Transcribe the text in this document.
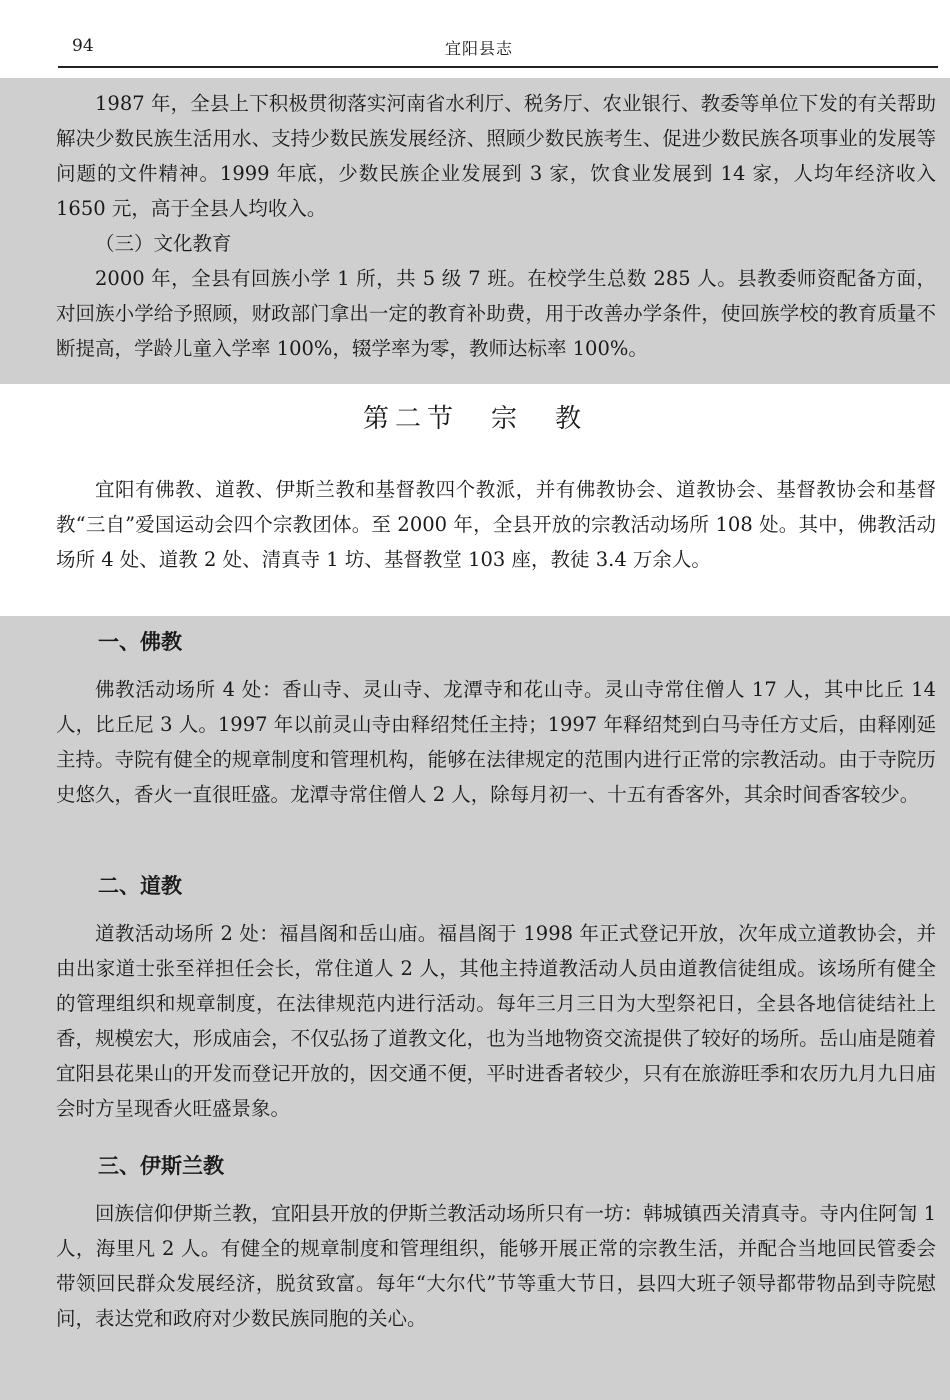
94	宜阳县志

1987 年，全县上下积极贯彻落实河南省水利厅、税务厅、农业银行、教委等单位下发的有关帮助解决少数民族生活用水、支持少数民族发展经济、照顾少数民族考生、促进少数民族各项事业的发展等问题的文件精神。1999 年底，少数民族企业发展到 3 家，饮食业发展到 14 家，人均年经济收入 1650 元，高于全县人均收入。

（三）文化教育

2000 年，全县有回族小学 1 所，共 5 级 7 班。在校学生总数 285 人。县教委师资配备方面，对回族小学给予照顾，财政部门拿出一定的教育补助费，用于改善办学条件，使回族学校的教育质量不断提高，学龄儿童入学率 100%，辍学率为零，教师达标率 100%。

第二节　宗　教

宜阳有佛教、道教、伊斯兰教和基督教四个教派，并有佛教协会、道教协会、基督教协会和基督教“三自”爱国运动会四个宗教团体。至 2000 年，全县开放的宗教活动场所 108 处。其中，佛教活动场所 4 处、道教 2 处、清真寺 1 坊、基督教堂 103 座，教徒 3.4 万余人。

一、佛教

佛教活动场所 4 处：香山寺、灵山寺、龙潭寺和花山寺。灵山寺常住僧人 17 人，其中比丘 14 人，比丘尼 3 人。1997 年以前灵山寺由释绍梵任主持；1997 年释绍梵到白马寺任方丈后，由释刚延主持。寺院有健全的规章制度和管理机构，能够在法律规定的范围内进行正常的宗教活动。由于寺院历史悠久，香火一直很旺盛。龙潭寺常住僧人 2 人，除每月初一、十五有香客外，其余时间香客较少。

二、道教

道教活动场所 2 处：福昌阁和岳山庙。福昌阁于 1998 年正式登记开放，次年成立道教协会，并由出家道士张至祥担任会长，常住道人 2 人，其他主持道教活动人员由道教信徒组成。该场所有健全的管理组织和规章制度，在法律规范内进行活动。每年三月三日为大型祭祀日，全县各地信徒结社上香，规模宏大，形成庙会，不仅弘扬了道教文化，也为当地物资交流提供了较好的场所。岳山庙是随着宜阳县花果山的开发而登记开放的，因交通不便，平时进香者较少，只有在旅游旺季和农历九月九日庙会时方呈现香火旺盛景象。

三、伊斯兰教

回族信仰伊斯兰教，宜阳县开放的伊斯兰教活动场所只有一坊：韩城镇西关清真寺。寺内住阿訇 1 人，海里凡 2 人。有健全的规章制度和管理组织，能够开展正常的宗教生活，并配合当地回民管委会带领回民群众发展经济，脱贫致富。每年“大尔代”节等重大节日，县四大班子领导都带物品到寺院慰问，表达党和政府对少数民族同胞的关心。
